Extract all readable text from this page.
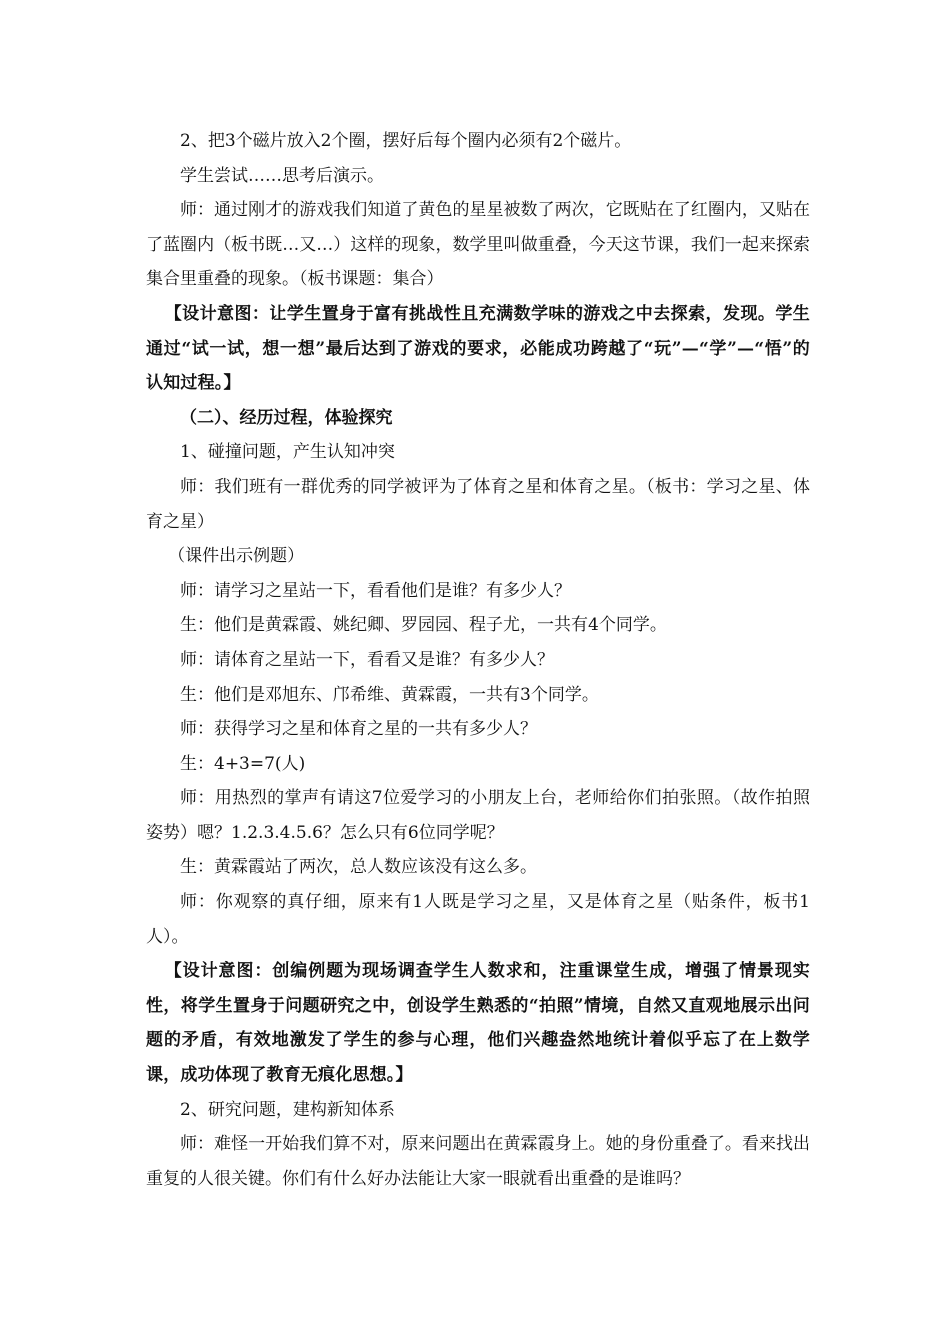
2、把3个磁片放入2个圈，摆好后每个圈内必须有2个磁片。

学生尝试……思考后演示。

师：通过刚才的游戏我们知道了黄色的星星被数了两次，它既贴在了红圈内，又贴在了蓝圈内（板书既…又…）这样的现象，数学里叫做重叠，今天这节课，我们一起来探索集合里重叠的现象。（板书课题：集合）

【设计意图：让学生置身于富有挑战性且充满数学味的游戏之中去探索，发现。学生通过“试一试，想一想”最后达到了游戏的要求，必能成功跨越了“玩”—“学”—“悟”的认知过程。】

（二）、经历过程，体验探究

1、碰撞问题，产生认知冲突

师：我们班有一群优秀的同学被评为了体育之星和体育之星。（板书：学习之星、体育之星）

（课件出示例题）

师：请学习之星站一下，看看他们是谁？有多少人？

生：他们是黄霖霞、姚纪卿、罗园园、程子尤，一共有4个同学。

师：请体育之星站一下，看看又是谁？有多少人？

生：他们是邓旭东、邝希维、黄霖霞，一共有3个同学。

师：获得学习之星和体育之星的一共有多少人？

生：4+3=7(人)

师：用热烈的掌声有请这7位爱学习的小朋友上台，老师给你们拍张照。（故作拍照姿势）嗯？1.2.3.4.5.6？怎么只有6位同学呢？

生：黄霖霞站了两次，总人数应该没有这么多。

师：你观察的真仔细，原来有1人既是学习之星，又是体育之星（贴条件，板书1人）。

【设计意图：创编例题为现场调查学生人数求和，注重课堂生成，增强了情景现实性，将学生置身于问题研究之中，创设学生熟悉的“拍照”情境，自然又直观地展示出问题的矛盾，有效地激发了学生的参与心理，他们兴趣盎然地统计着似乎忘了在上数学课，成功体现了教育无痕化思想。】

2、研究问题，建构新知体系

师：难怪一开始我们算不对，原来问题出在黄霖霞身上。她的身份重叠了。看来找出重复的人很关键。你们有什么好办法能让大家一眼就看出重叠的是谁吗？
